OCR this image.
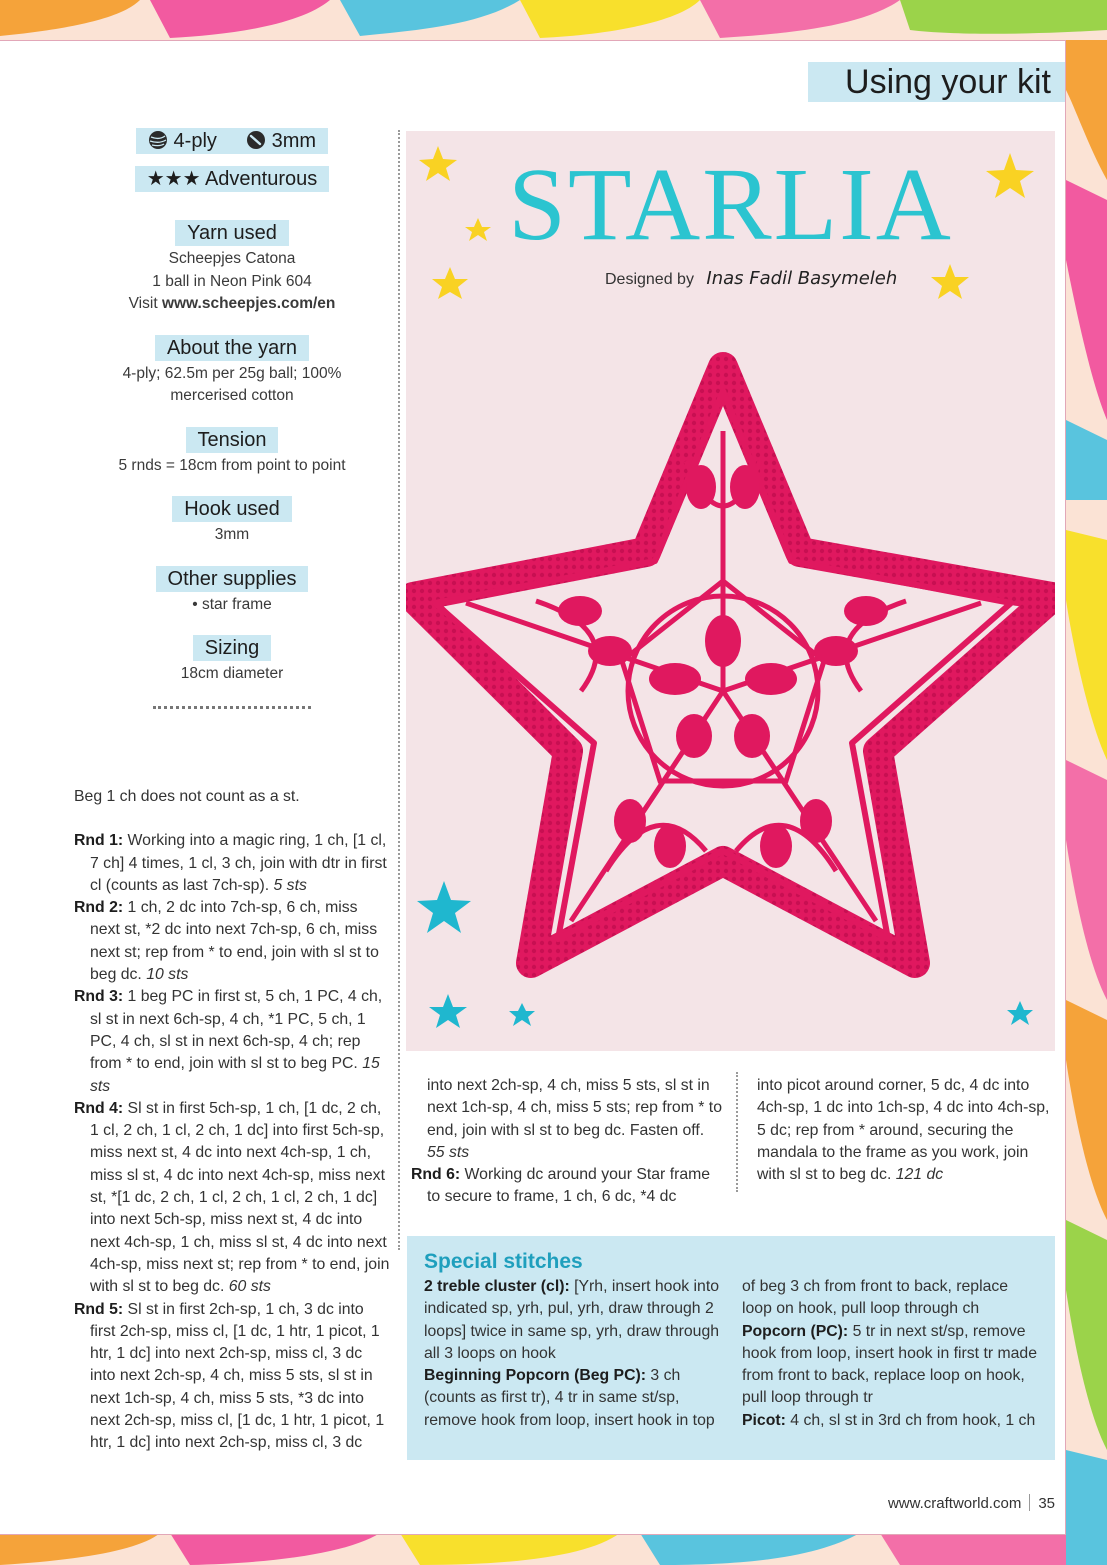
Using your kit
4-ply	3mm
★★★ Adventurous
Yarn used

Scheepjes Catona

1 ball in Neon Pink 604

Visit www.scheepjes.com/en

About the yarn

4-ply; 62.5m per 25g ball; 100%

mercerised cotton

Tension

5 rnds = 18cm from point to point

Hook used

3mm

Other supplies

• star frame

Sizing

18cm diameter

STARLIA
Designed by Inas Fadil Basymeleh

Beg 1 ch does not count as a st.

Rnd 1: Working into a magic ring, 1 ch, [1 cl, 7 ch] 4 times, 1 cl, 3 ch, join with dtr in first cl (counts as last 7ch-sp). 5 sts

Rnd 2: 1 ch, 2 dc into 7ch-sp, 6 ch, miss next st, *2 dc into next 7ch-sp, 6 ch, miss next st; rep from * to end, join with sl st to beg dc. 10 sts

Rnd 3: 1 beg PC in first st, 5 ch, 1 PC, 4 ch, sl st in next 6ch-sp, 4 ch, *1 PC, 5 ch, 1 PC, 4 ch, sl st in next 6ch-sp, 4 ch; rep from * to end, join with sl st to beg PC. 15 sts

Rnd 4: Sl st in first 5ch-sp, 1 ch, [1 dc, 2 ch, 1 cl, 2 ch, 1 cl, 2 ch, 1 dc] into first 5ch-sp, miss next st, 4 dc into next 4ch-sp, 1 ch, miss sl st, 4 dc into next 4ch-sp, miss next st, *[1 dc, 2 ch, 1 cl, 2 ch, 1 cl, 2 ch, 1 dc] into next 5ch-sp, miss next st, 4 dc into next 4ch-sp, 1 ch, miss sl st, 4 dc into next 4ch-sp, miss next st; rep from * to end, join with sl st to beg dc. 60 sts

Rnd 5: Sl st in first 2ch-sp, 1 ch, 3 dc into first 2ch-sp, miss cl, [1 dc, 1 htr, 1 picot, 1 htr, 1 dc] into next 2ch-sp, miss cl, 3 dc into next 2ch-sp, 4 ch, miss 5 sts, sl st in next 1ch-sp, 4 ch, miss 5 sts, *3 dc into next 2ch-sp, miss cl, [1 dc, 1 htr, 1 picot, 1 htr, 1 dc] into next 2ch-sp, miss cl, 3 dc

into next 2ch-sp, 4 ch, miss 5 sts, sl st in next 1ch-sp, 4 ch, miss 5 sts; rep from * to end, join with sl st to beg dc. Fasten off. 55 sts

Rnd 6: Working dc around your Star frame to secure to frame, 1 ch, 6 dc, *4 dc

into picot around corner, 5 dc, 4 dc into 4ch-sp, 1 dc into 1ch-sp, 4 dc into 4ch-sp, 5 dc; rep from * around, securing the mandala to the frame as you work, join with sl st to beg dc. 121 dc

Special stitches

2 treble cluster (cl): [Yrh, insert hook into indicated sp, yrh, pul, yrh, draw through 2 loops] twice in same sp, yrh, draw through all 3 loops on hook

Beginning Popcorn (Beg PC): 3 ch (counts as first tr), 4 tr in same st/sp, remove hook from loop, insert hook in top

of beg 3 ch from front to back, replace loop on hook, pull loop through ch

Popcorn (PC): 5 tr in next st/sp, remove hook from loop, insert hook in first tr made from front to back, replace loop on hook, pull loop through tr

Picot: 4 ch, sl st in 3rd ch from hook, 1 ch

www.craftworld.com 35
